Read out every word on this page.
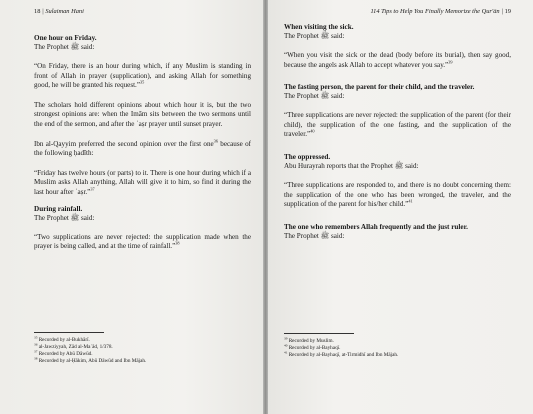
18 | Sulaiman Hani

One hour on Friday.

The Prophet ﷺ said:

“On Friday, there is an hour during which, if any Muslim is standing in front of Allah in prayer (supplication), and asking Allah for something good, he will be granted his request.”$^{35}$

The scholars hold different opinions about which hour it is, but the two strongest opinions are: when the Imām sits between the two sermons until the end of the sermon, and after the ʿaṣr prayer until sunset prayer.

Ibn al-Qayyim preferred the second opinion over the first one$^{36}$ because of the following ḥadīth:

“Friday has twelve hours (or parts) to it. There is one hour during which if a Muslim asks Allah anything, Allah will give it to him, so find it during the last hour after ʿaṣr.”$^{37}$

During rainfall.

The Prophet ﷺ said:

“Two supplications are never rejected: the supplication made when the prayer is being called, and at the time of rainfall.”$^{38}$

$^{35}$ Recorded by al-Bukhārī.

$^{36}$ al-Jawziyyah, Zād al-Maʿād, 1/378.

$^{37}$ Recorded by Abū Dāwūd.

$^{38}$ Recorded by al-Ḥākim, Abū Dāwūd and Ibn Mājah.

114 Tips to Help You Finally Memorize the Qur'ān | 19

When visiting the sick.

The Prophet ﷺ said:

“When you visit the sick or the dead (body before its burial), then say good, because the angels ask Allah to accept whatever you say.”$^{39}$

The fasting person, the parent for their child, and the traveler.

The Prophet ﷺ said:

“Three supplications are never rejected: the supplication of the parent (for their child), the supplication of the one fasting, and the supplication of the traveler.”$^{40}$

The oppressed.

Abu Hurayrah reports that the Prophet ﷺ said:

“Three supplications are responded to, and there is no doubt concerning them: the supplication of the one who has been wronged, the traveler, and the supplication of the parent for his/her child.”$^{41}$

The one who remembers Allah frequently and the just ruler.

The Prophet ﷺ said:

$^{39}$ Recorded by Muslim.

$^{40}$ Recorded by al-Bayhaqī.

$^{41}$ Recorded by al-Bayhaqī, at-Tirmidhī and Ibn Mājah.
